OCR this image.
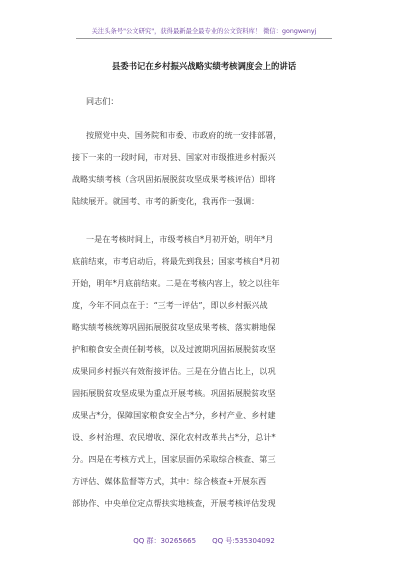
关注头条号"公文研究"，获得最新最全最专业的公文资料库！ 微信：gongwenyj
县委书记在乡村振兴战略实绩考核调度会上的讲话
同志们：
按照党中央、国务院和市委、市政府的统一安排部署，
接下一来的一段时间，市对县、国家对市级推进乡村振兴
战略实绩考核（含巩固拓展脱贫攻坚成果考核评估）即将
陆续展开。就国考、市考的新变化，我再作一强调：
一是在考核时间上，市级考核自*月初开始，明年*月
底前结束，市考启动后，将最先到我县；国家考核自*月初
开始，明年*月底前结束。二是在考核内容上，较之以往年
度，今年不同点在于：“三考一评估”，即以乡村振兴战
略实绩考核统筹巩固拓展脱贫攻坚成果考核、落实耕地保
护和粮食安全责任制考核，以及过渡期巩固拓展脱贫攻坚
成果同乡村振兴有效衔接评估。三是在分值占比上，以巩
固拓展脱贫攻坚成果为重点开展考核。巩固拓展脱贫攻坚
成果占*分，保障国家粮食安全占*分，乡村产业、乡村建
设、乡村治理、农民增收、深化农村改革共占*分，总计*
分。四是在考核方式上，国家层面仍采取综合核查、第三
方评估、媒体监督等方式，其中：综合核查+开展东西
部协作、中央单位定点帮扶实地核查，开展考核评估发现
QQ 群：30265665 QQ 号:535304092
